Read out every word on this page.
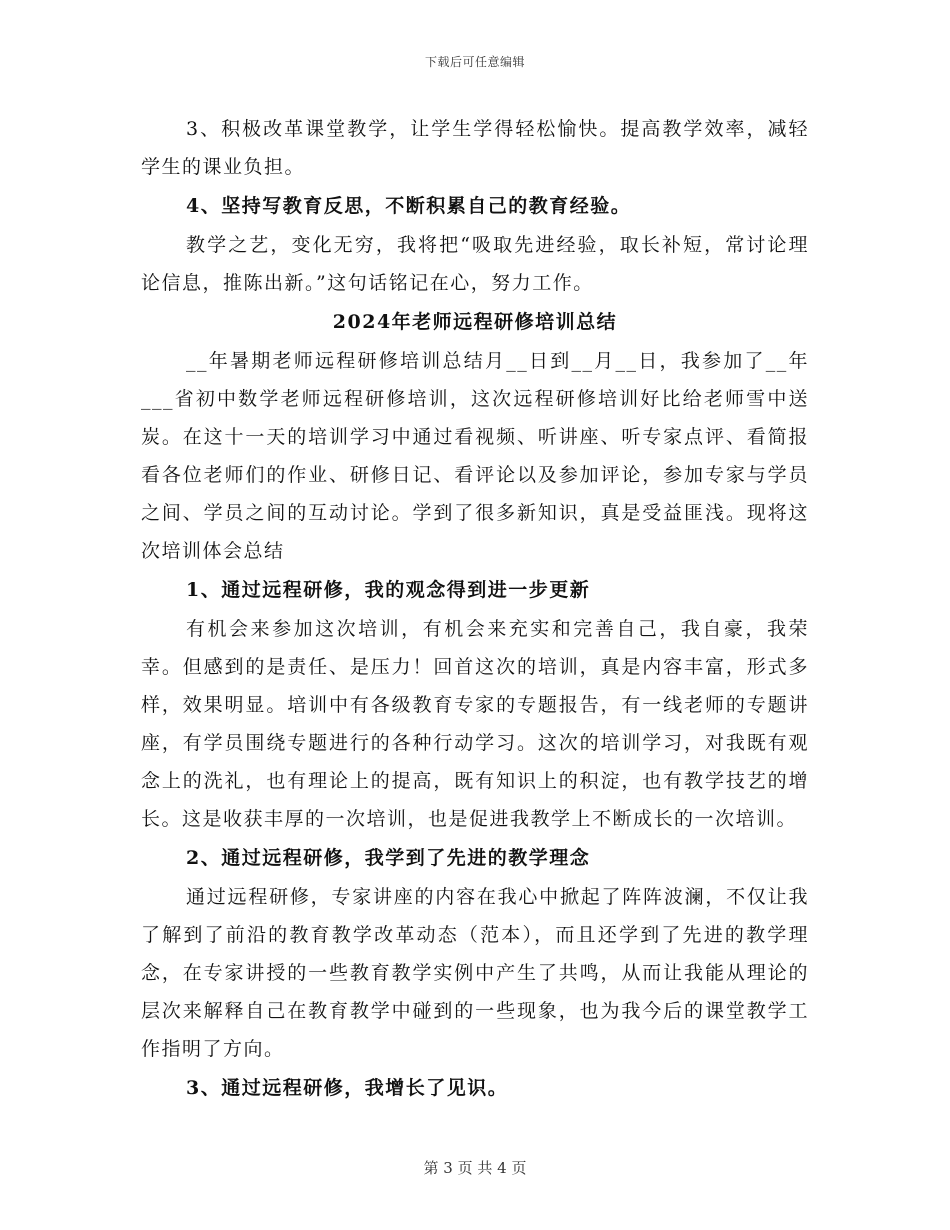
下载后可任意编辑

3、积极改革课堂教学，让学生学得轻松愉快。提高教学效率，减轻学生的课业负担。

4、坚持写教育反思，不断积累自己的教育经验。

教学之艺，变化无穷，我将把“吸取先进经验，取长补短，常讨论理论信息，推陈出新。”这句话铭记在心，努力工作。

2024年老师远程研修培训总结

__年暑期老师远程研修培训总结月__日到__月__日，我参加了__年___省初中数学老师远程研修培训，这次远程研修培训好比给老师雪中送炭。在这十一天的培训学习中通过看视频、听讲座、听专家点评、看简报看各位老师们的作业、研修日记、看评论以及参加评论，参加专家与学员之间、学员之间的互动讨论。学到了很多新知识，真是受益匪浅。现将这次培训体会总结

1、通过远程研修，我的观念得到进一步更新

有机会来参加这次培训，有机会来充实和完善自己，我自豪，我荣幸。但感到的是责任、是压力！回首这次的培训，真是内容丰富，形式多样，效果明显。培训中有各级教育专家的专题报告，有一线老师的专题讲座，有学员围绕专题进行的各种行动学习。这次的培训学习，对我既有观念上的洗礼，也有理论上的提高，既有知识上的积淀，也有教学技艺的增长。这是收获丰厚的一次培训，也是促进我教学上不断成长的一次培训。

2、通过远程研修，我学到了先进的教学理念

通过远程研修，专家讲座的内容在我心中掀起了阵阵波澜，不仅让我了解到了前沿的教育教学改革动态（范本），而且还学到了先进的教学理念，在专家讲授的一些教育教学实例中产生了共鸣，从而让我能从理论的层次来解释自己在教育教学中碰到的一些现象，也为我今后的课堂教学工作指明了方向。

3、通过远程研修，我增长了见识。

第 3 页 共 4 页
